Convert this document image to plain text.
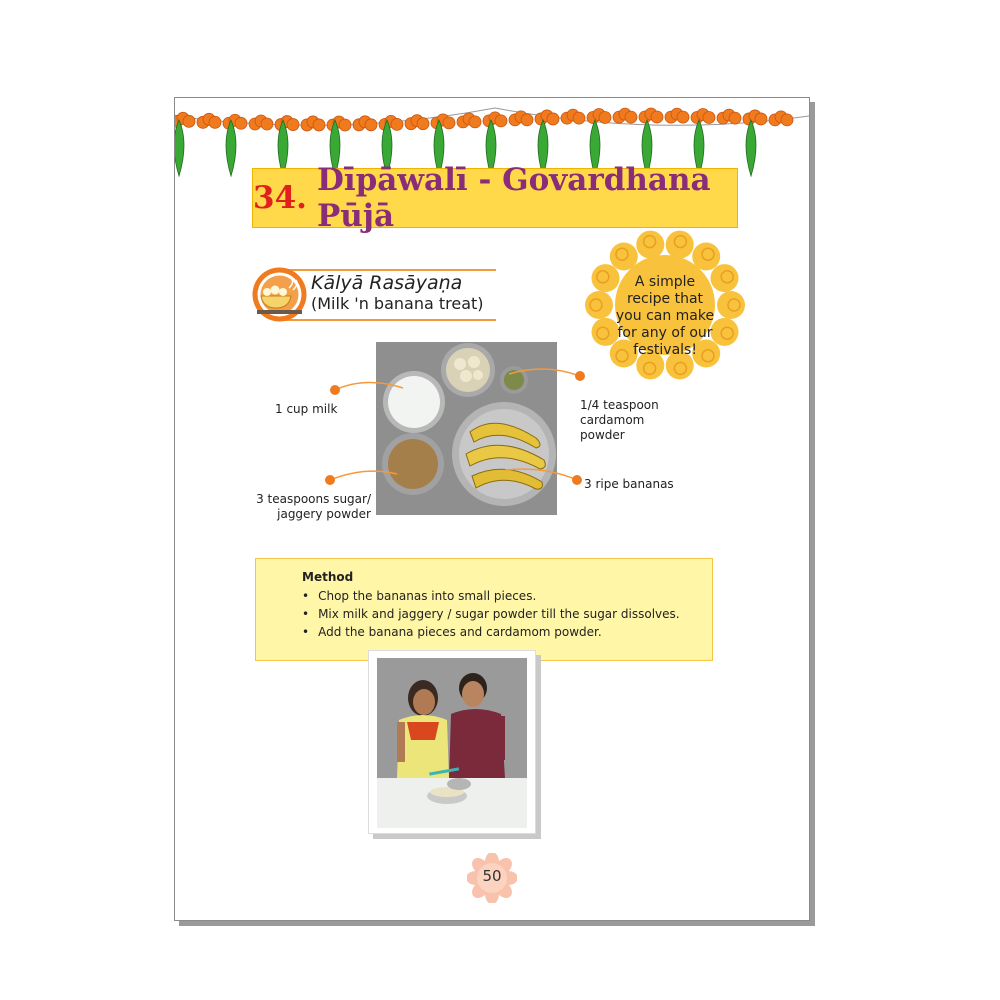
34. Dīpāwalī - Govardhana Pūjā
Kālyā Rasāyaṇa
(Milk 'n banana treat)
A simple
recipe that
you can make
for any of our
festivals!
1 cup milk	1/4 teaspoon
cardamom
powder
3 teaspoons sugar/
jaggery powder
3 ripe bananas
Method
• Chop the bananas into small pieces.
• Mix milk and jaggery / sugar powder till the sugar dissolves.
• Add the banana pieces and cardamom powder.
50
